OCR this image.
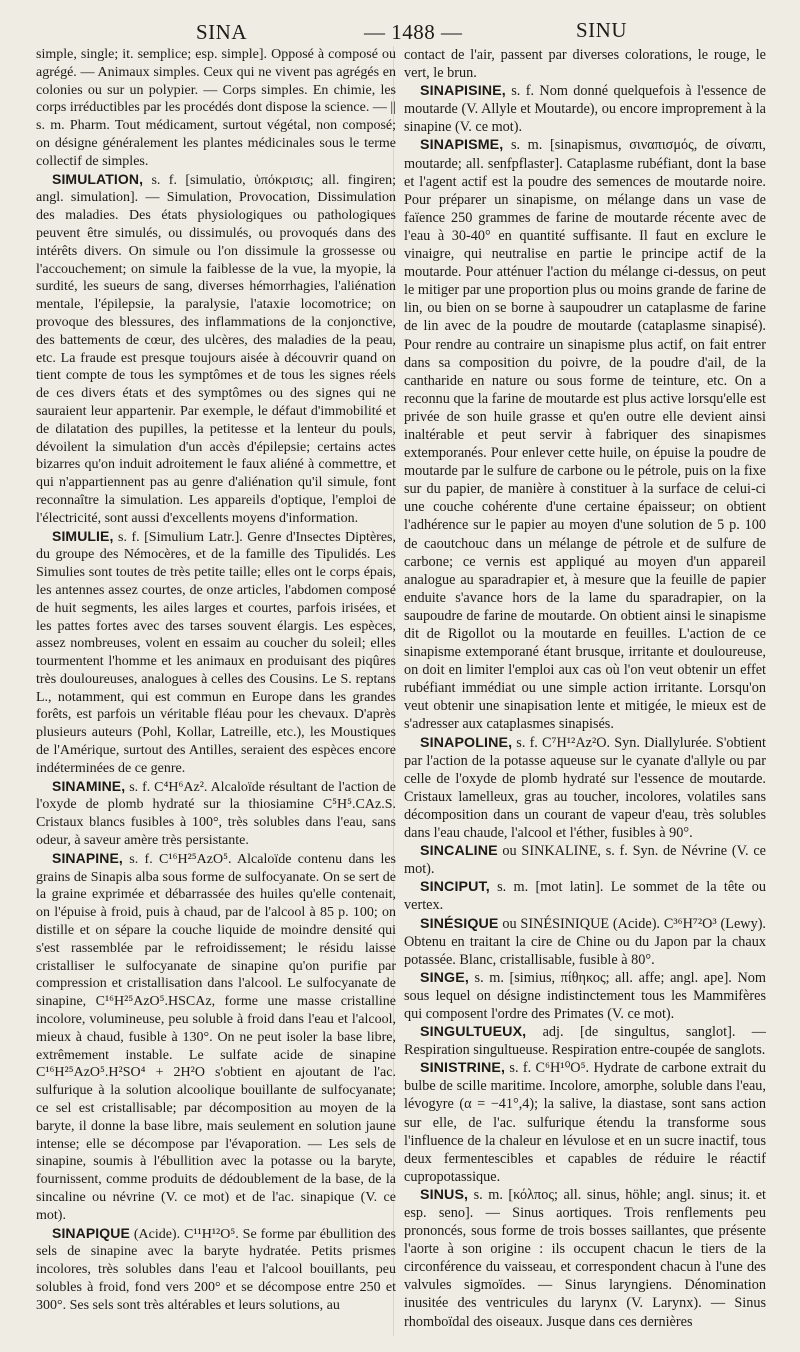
SINA	— 1488 —	SINU

simple, single; it. semplice; esp. simple]. Opposé à composé ou agrégé. — Animaux simples. Ceux qui ne vivent pas agrégés en colonies ou sur un polypier. — Corps simples. En chimie, les corps irréductibles par les procédés dont dispose la science. — || s. m. Pharm. Tout médicament, surtout végétal, non composé; on désigne généralement les plantes médicinales sous le terme collectif de simples.

SIMULATION, s. f. [simulatio, ὑπόκρισις; all. fingiren; angl. simulation]. — Simulation, Provocation, Dissimulation des maladies. Des états physiologiques ou pathologiques peuvent être simulés, ou dissimulés, ou provoqués dans des intérêts divers. On simule ou l'on dissimule la grossesse ou l'accouchement; on simule la faiblesse de la vue, la myopie, la surdité, les sueurs de sang, diverses hémorrhagies, l'aliénation mentale, l'épilepsie, la paralysie, l'ataxie locomotrice; on provoque des blessures, des inflammations de la conjonctive, des battements de cœur, des ulcères, des maladies de la peau, etc. La fraude est presque toujours aisée à découvrir quand on tient compte de tous les symptômes et de tous les signes réels de ces divers états et des symptômes ou des signes qui ne sauraient leur appartenir. Par exemple, le défaut d'immobilité et de dilatation des pupilles, la petitesse et la lenteur du pouls, dévoilent la simulation d'un accès d'épilepsie; certains actes bizarres qu'on induit adroitement le faux aliéné à commettre, et qui n'appartiennent pas au genre d'aliénation qu'il simule, font reconnaître la simulation. Les appareils d'optique, l'emploi de l'électricité, sont aussi d'excellents moyens d'information.

SIMULIE, s. f. [Simulium Latr.]. Genre d'Insectes Diptères, du groupe des Némocères, et de la famille des Tipulidés. Les Simulies sont toutes de très petite taille; elles ont le corps épais, les antennes assez courtes, de onze articles, l'abdomen composé de huit segments, les ailes larges et courtes, parfois irisées, et les pattes fortes avec des tarses souvent élargis. Les espèces, assez nombreuses, volent en essaim au coucher du soleil; elles tourmentent l'homme et les animaux en produisant des piqûres très douloureuses, analogues à celles des Cousins. Le S. reptans L., notamment, qui est commun en Europe dans les grandes forêts, est parfois un véritable fléau pour les chevaux. D'après plusieurs auteurs (Pohl, Kollar, Latreille, etc.), les Moustiques de l'Amérique, surtout des Antilles, seraient des espèces encore indéterminées de ce genre.

SINAMINE, s. f. C⁴H⁶Az². Alcaloïde résultant de l'action de l'oxyde de plomb hydraté sur la thiosiamine C⁵H⁵.CAz.S. Cristaux blancs fusibles à 100°, très solubles dans l'eau, sans odeur, à saveur amère très persistante.

SINAPINE, s. f. C¹⁶H²⁵AzO⁵. Alcaloïde contenu dans les grains de Sinapis alba sous forme de sulfocyanate. On se sert de la graine exprimée et débarrassée des huiles qu'elle contenait, on l'épuise à froid, puis à chaud, par de l'alcool à 85 p. 100; on distille et on sépare la couche liquide de moindre densité qui s'est rassemblée par le refroidissement; le résidu laisse cristalliser le sulfocyanate de sinapine qu'on purifie par compression et cristallisation dans l'alcool. Le sulfocyanate de sinapine, C¹⁶H²⁵AzO⁵.HSCAz, forme une masse cristalline incolore, volumineuse, peu soluble à froid dans l'eau et l'alcool, mieux à chaud, fusible à 130°. On ne peut isoler la base libre, extrêmement instable. Le sulfate acide de sinapine C¹⁶H²⁵AzO⁵.H²SO⁴ + 2H²O s'obtient en ajoutant de l'ac. sulfurique à la solution alcoolique bouillante de sulfocyanate; ce sel est cristallisable; par décomposition au moyen de la baryte, il donne la base libre, mais seulement en solution jaune intense; elle se décompose par l'évaporation. — Les sels de sinapine, soumis à l'ébullition avec la potasse ou la baryte, fournissent, comme produits de dédoublement de la base, de la sincaline ou névrine (V. ce mot) et de l'ac. sinapique (V. ce mot).

SINAPIQUE (Acide). C¹¹H¹²O⁵. Se forme par ébullition des sels de sinapine avec la baryte hydratée. Petits prismes incolores, très solubles dans l'eau et l'alcool bouillants, peu solubles à froid, fond vers 200° et se décompose entre 250 et 300°. Ses sels sont très altérables et leurs solutions, au

contact de l'air, passent par diverses colorations, le rouge, le vert, le brun.

SINAPISINE, s. f. Nom donné quelquefois à l'essence de moutarde (V. Allyle et Moutarde), ou encore improprement à la sinapine (V. ce mot).

SINAPISME, s. m. [sinapismus, σιναπισμός, de σίναπι, moutarde; all. senfpflaster]. Cataplasme rubéfiant, dont la base et l'agent actif est la poudre des semences de moutarde noire. Pour préparer un sinapisme, on mélange dans un vase de faïence 250 grammes de farine de moutarde récente avec de l'eau à 30-40° en quantité suffisante. Il faut en exclure le vinaigre, qui neutralise en partie le principe actif de la moutarde. Pour atténuer l'action du mélange ci-dessus, on peut le mitiger par une proportion plus ou moins grande de farine de lin, ou bien on se borne à saupoudrer un cataplasme de farine de lin avec de la poudre de moutarde (cataplasme sinapisé). Pour rendre au contraire un sinapisme plus actif, on fait entrer dans sa composition du poivre, de la poudre d'ail, de la cantharide en nature ou sous forme de teinture, etc. On a reconnu que la farine de moutarde est plus active lorsqu'elle est privée de son huile grasse et qu'en outre elle devient ainsi inaltérable et peut servir à fabriquer des sinapismes extemporanés. Pour enlever cette huile, on épuise la poudre de moutarde par le sulfure de carbone ou le pétrole, puis on la fixe sur du papier, de manière à constituer à la surface de celui-ci une couche cohérente d'une certaine épaisseur; on obtient l'adhérence sur le papier au moyen d'une solution de 5 p. 100 de caoutchouc dans un mélange de pétrole et de sulfure de carbone; ce vernis est appliqué au moyen d'un appareil analogue au sparadrapier et, à mesure que la feuille de papier enduite s'avance hors de la lame du sparadrapier, on la saupoudre de farine de moutarde. On obtient ainsi le sinapisme dit de Rigollot ou la moutarde en feuilles. L'action de ce sinapisme extemporané étant brusque, irritante et douloureuse, on doit en limiter l'emploi aux cas où l'on veut obtenir un effet rubéfiant immédiat ou une simple action irritante. Lorsqu'on veut obtenir une sinapisation lente et mitigée, le mieux est de s'adresser aux cataplasmes sinapisés.

SINAPOLINE, s. f. C⁷H¹²Az²O. Syn. Diallylurée. S'obtient par l'action de la potasse aqueuse sur le cyanate d'allyle ou par celle de l'oxyde de plomb hydraté sur l'essence de moutarde. Cristaux lamelleux, gras au toucher, incolores, volatiles sans décomposition dans un courant de vapeur d'eau, très solubles dans l'eau chaude, l'alcool et l'éther, fusibles à 90°.

SINCALINE ou SINKALINE, s. f. Syn. de Névrine (V. ce mot).

SINCIPUT, s. m. [mot latin]. Le sommet de la tête ou vertex.

SINÉSIQUE ou SINÉSINIQUE (Acide). C³⁶H⁷²O³ (Lewy). Obtenu en traitant la cire de Chine ou du Japon par la chaux potassée. Blanc, cristallisable, fusible à 80°.

SINGE, s. m. [simius, πίθηκος; all. affe; angl. ape]. Nom sous lequel on désigne indistinctement tous les Mammifères qui composent l'ordre des Primates (V. ce mot).

SINGULTUEUX, adj. [de singultus, sanglot]. — Respiration singultueuse. Respiration entre-coupée de sanglots.

SINISTRINE, s. f. C⁶H¹⁰O⁵. Hydrate de carbone extrait du bulbe de scille maritime. Incolore, amorphe, soluble dans l'eau, lévogyre (α = −41°,4); la salive, la diastase, sont sans action sur elle, de l'ac. sulfurique étendu la transforme sous l'influence de la chaleur en lévulose et en un sucre inactif, tous deux fermentescibles et capables de réduire le réactif cupropotassique.

SINUS, s. m. [κόλπος; all. sinus, höhle; angl. sinus; it. et esp. seno]. — Sinus aortiques. Trois renflements peu prononcés, sous forme de trois bosses saillantes, que présente l'aorte à son origine : ils occupent chacun le tiers de la circonférence du vaisseau, et correspondent chacun à l'une des valvules sigmoïdes. — Sinus laryngiens. Dénomination inusitée des ventricules du larynx (V. Larynx). — Sinus rhomboïdal des oiseaux. Jusque dans ces dernières
